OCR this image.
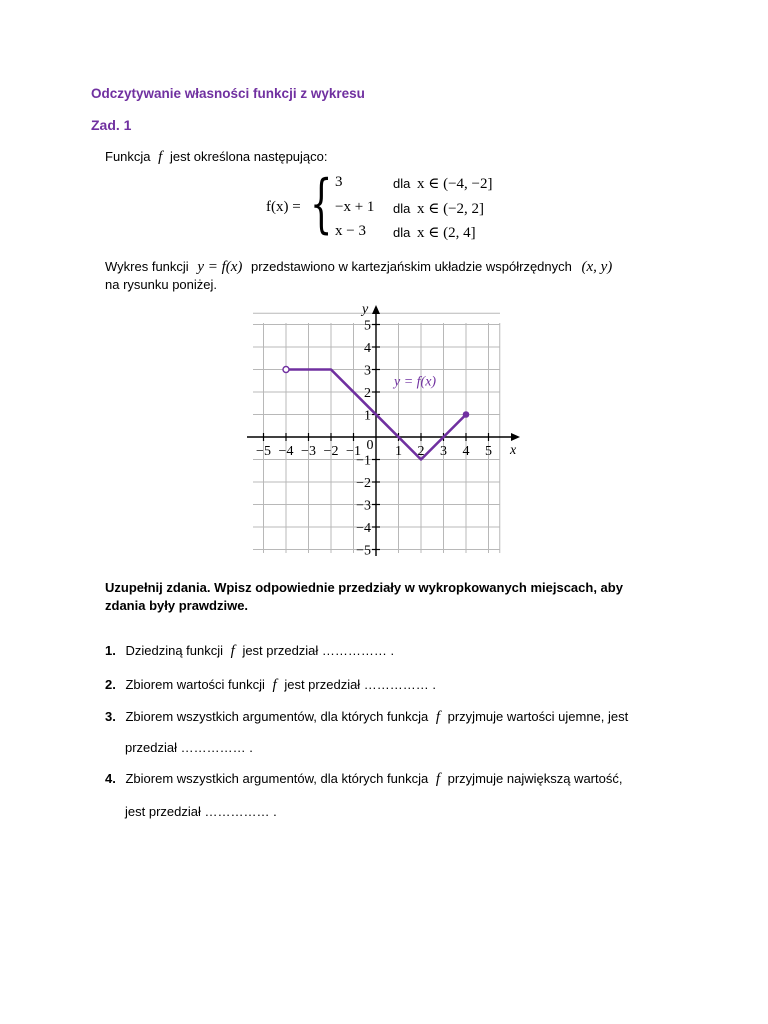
Odczytywanie własności funkcji z wykresu
Zad. 1
Funkcja f jest określona następująco:
f(x) = { 3	dla x ∈ (−4, −2]
−x + 1 dla x ∈ (−2, 2]
x − 3 dla x ∈ (2, 4]
Wykres funkcji y = f(x) przedstawiono w kartezjańskim układzie współrzędnych (x, y)
na rysunku poniżej.
x
y
−5 −4 −3 −2 −1 1 2 3 4 5
0
5
4
3
2
1
−1
−2
−3
−4
−5
y = f(x)
Uzupełnij zdania. Wpisz odpowiednie przedziały w wykropkowanych miejscach, aby
zdania były prawdziwe.
1. Dziedziną funkcji f jest przedział …………… .
2. Zbiorem wartości funkcji f jest przedział …………… .
3. Zbiorem wszystkich argumentów, dla których funkcja f przyjmuje wartości ujemne, jest
przedział …………… .
4. Zbiorem wszystkich argumentów, dla których funkcja f przyjmuje największą wartość,
jest przedział …………… .
